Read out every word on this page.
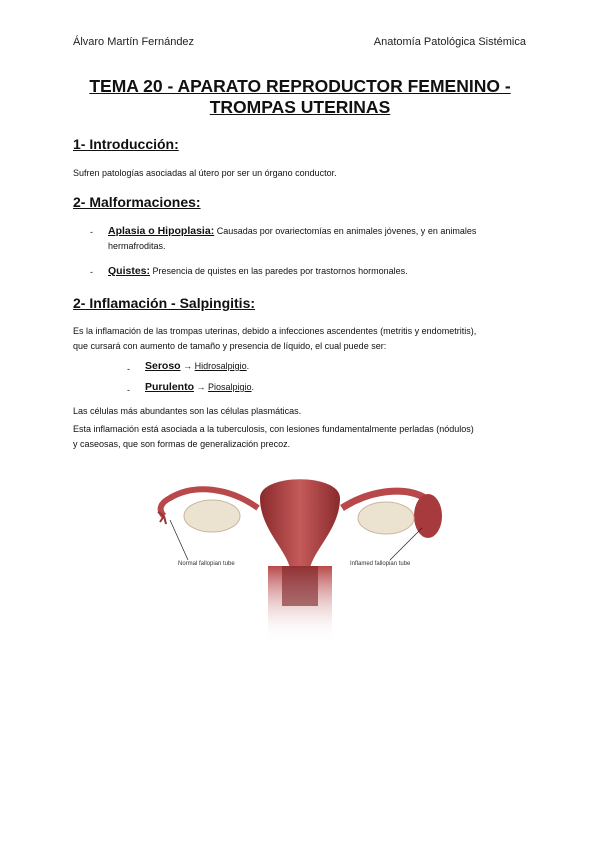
Álvaro Martín Fernández	Anatomía Patológica Sistémica
TEMA 20 - APARATO REPRODUCTOR FEMENINO -
TROMPAS UTERINAS
1- Introducción:
Sufren patologías asociadas al útero por ser un órgano conductor.
2- Malformaciones:
- Aplasia o Hipoplasia: Causadas por ovariectomías en animales jóvenes, y en animales
hermafroditas.
- Quistes: Presencia de quistes en las paredes por trastornos hormonales.
2- Inflamación - Salpingitis:
Es la inflamación de las trompas uterinas, debido a infecciones ascendentes (metritis y endometritis),
que cursará con aumento de tamaño y presencia de líquido, el cual puede ser:
- Seroso → Hidrosalpigio.
- Purulento → Piosalpigio.
Las células más abundantes son las células plasmáticas.
Esta inflamación está asociada a la tuberculosis, con lesiones fundamentalmente perladas (nódulos)
y caseosas, que son formas de generalización precoz.
Normal fallopian tube	Inflamed fallopian tube
